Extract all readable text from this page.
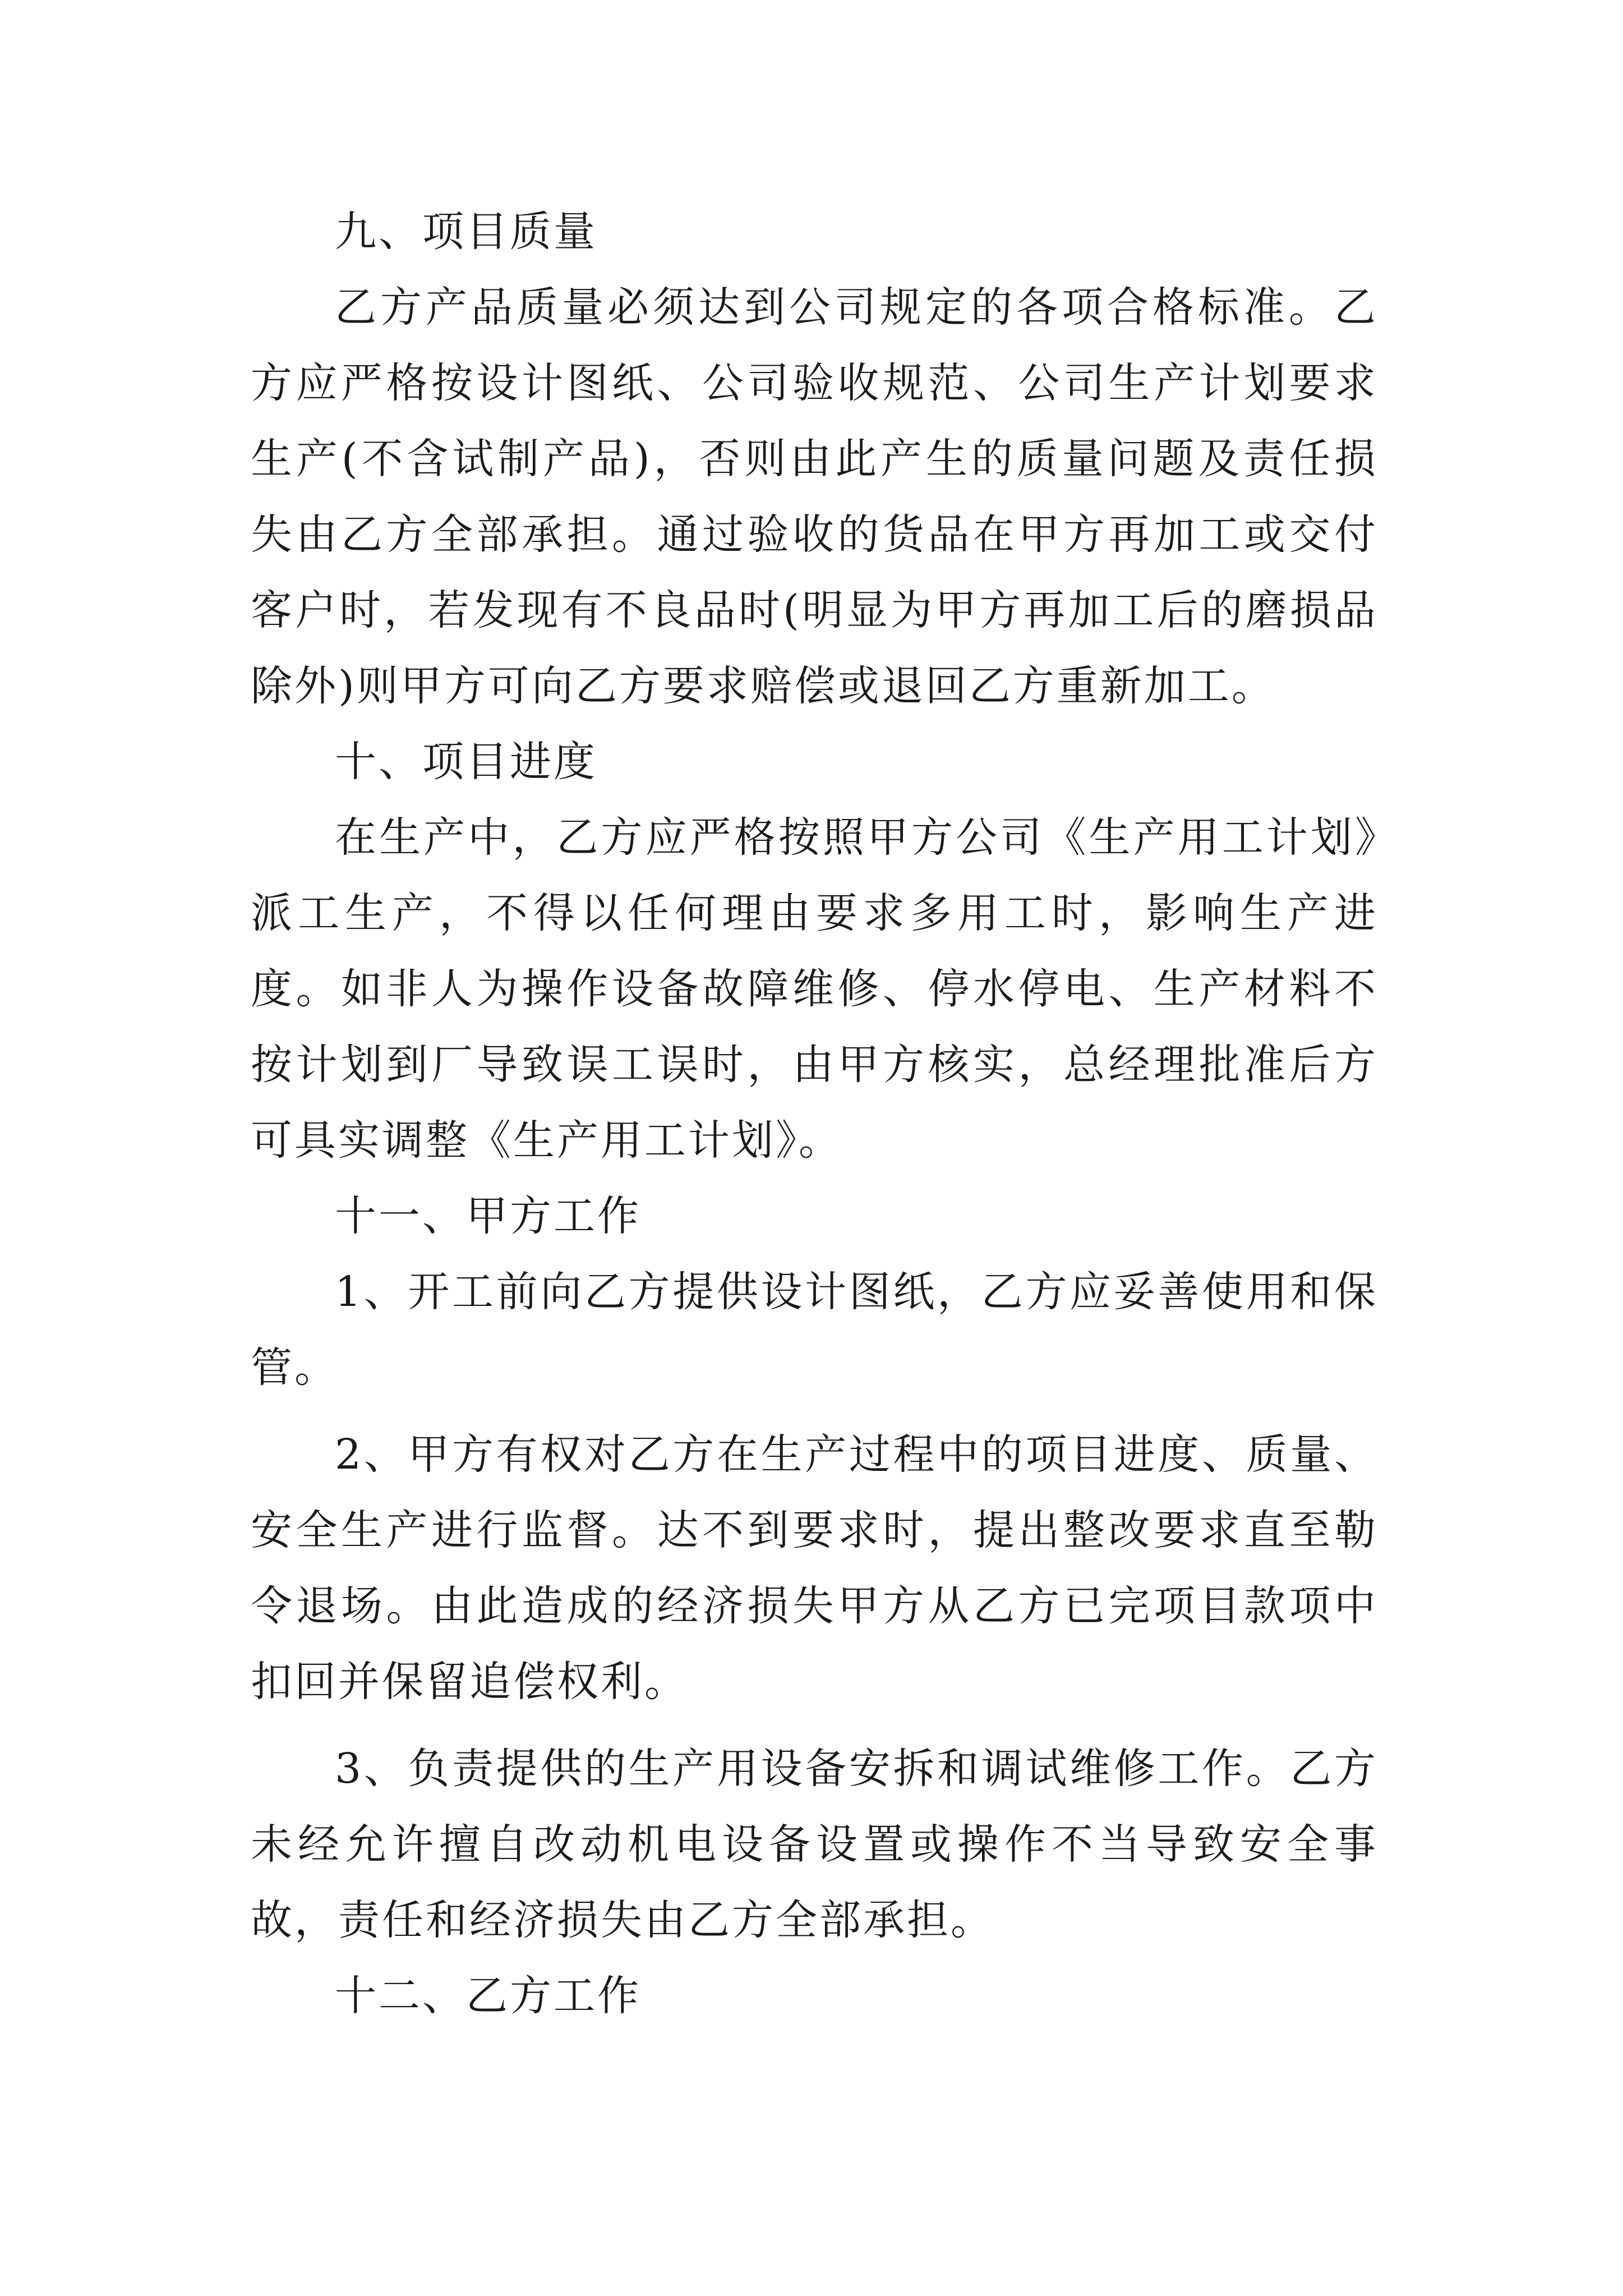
九、项目质量

乙方产品质量必须达到公司规定的各项合格标准。乙方应严格按设计图纸、公司验收规范、公司生产计划要求生产(不含试制产品)，否则由此产生的质量问题及责任损失由乙方全部承担。通过验收的货品在甲方再加工或交付客户时，若发现有不良品时(明显为甲方再加工后的磨损品除外)则甲方可向乙方要求赔偿或退回乙方重新加工。

十、项目进度

在生产中，乙方应严格按照甲方公司《生产用工计划》派工生产，不得以任何理由要求多用工时，影响生产进度。如非人为操作设备故障维修、停水停电、生产材料不按计划到厂导致误工误时，由甲方核实，总经理批准后方可具实调整《生产用工计划》。

十一、甲方工作

1、开工前向乙方提供设计图纸，乙方应妥善使用和保管。

2、甲方有权对乙方在生产过程中的项目进度、质量、安全生产进行监督。达不到要求时，提出整改要求直至勒令退场。由此造成的经济损失甲方从乙方已完项目款项中扣回并保留追偿权利。

3、负责提供的生产用设备安拆和调试维修工作。乙方未经允许擅自改动机电设备设置或操作不当导致安全事故，责任和经济损失由乙方全部承担。

十二、乙方工作
